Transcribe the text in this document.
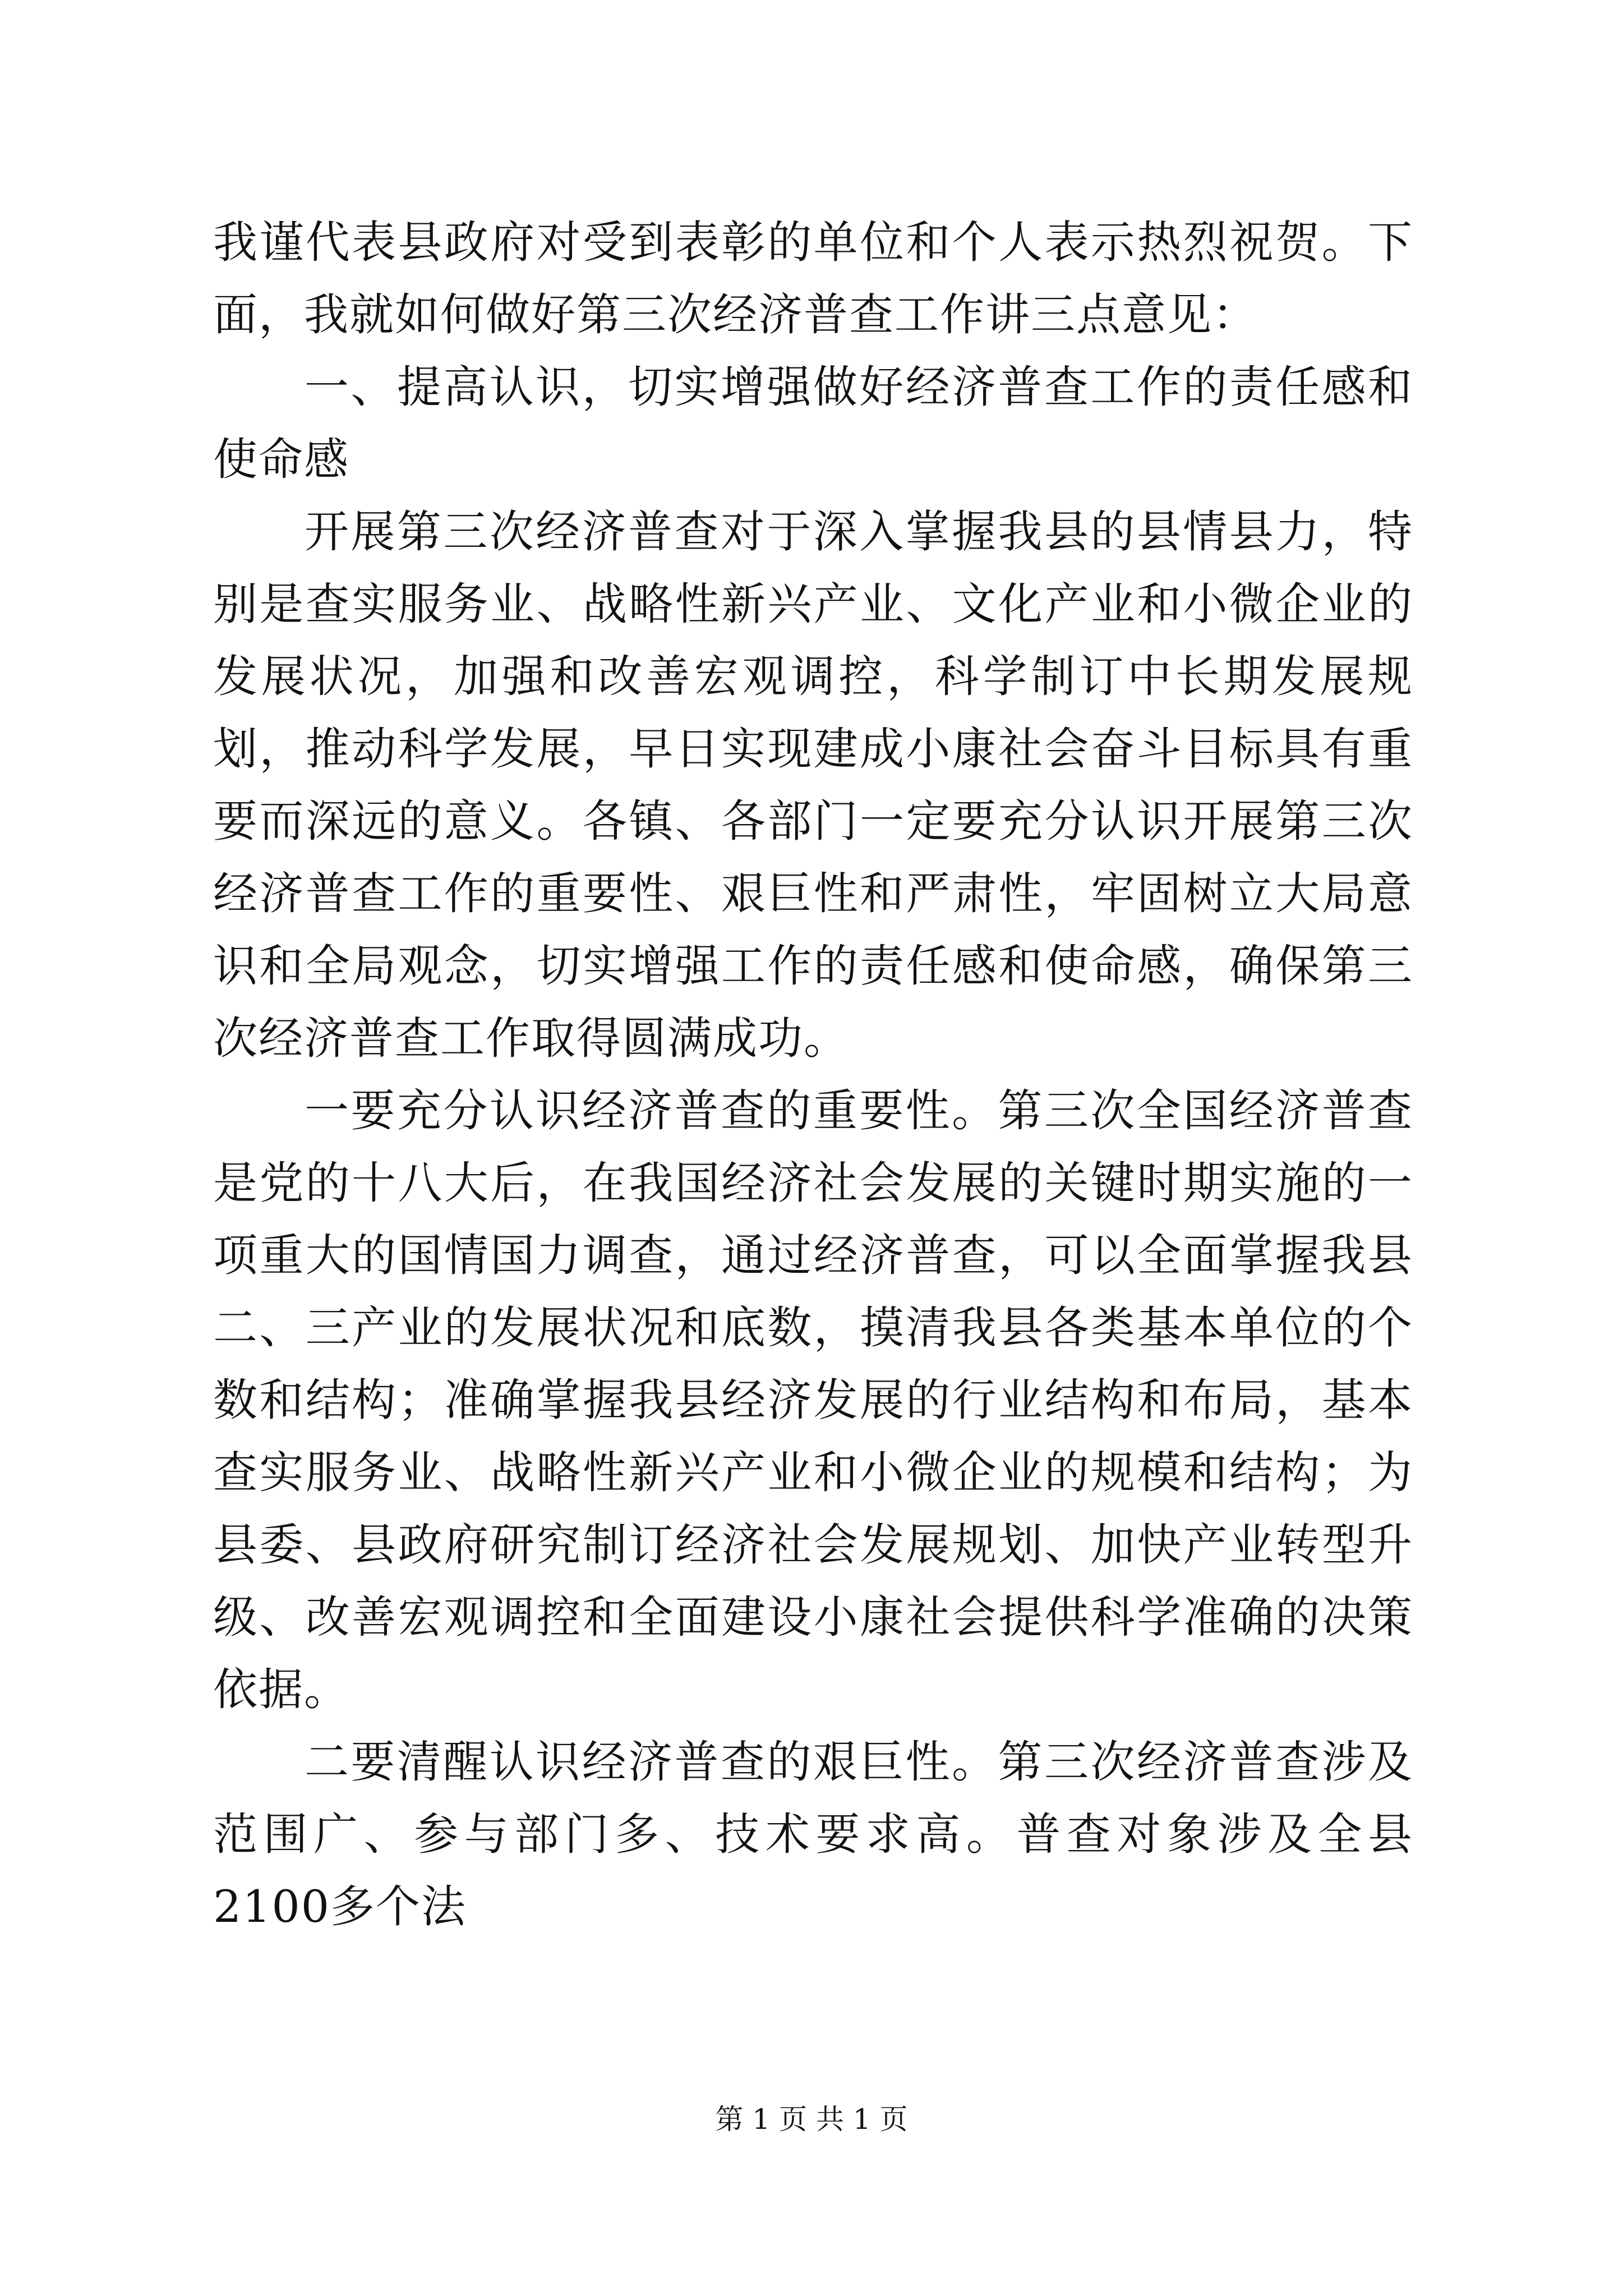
我谨代表县政府对受到表彰的单位和个人表示热烈祝贺。下面，我就如何做好第三次经济普查工作讲三点意见：

一、提高认识，切实增强做好经济普查工作的责任感和使命感

开展第三次经济普查对于深入掌握我县的县情县力，特别是查实服务业、战略性新兴产业、文化产业和小微企业的发展状况，加强和改善宏观调控，科学制订中长期发展规划，推动科学发展，早日实现建成小康社会奋斗目标具有重要而深远的意义。各镇、各部门一定要充分认识开展第三次经济普查工作的重要性、艰巨性和严肃性，牢固树立大局意识和全局观念，切实增强工作的责任感和使命感，确保第三次经济普查工作取得圆满成功。

一要充分认识经济普查的重要性。第三次全国经济普查是党的十八大后，在我国经济社会发展的关键时期实施的一项重大的国情国力调查，通过经济普查，可以全面掌握我县二、三产业的发展状况和底数，摸清我县各类基本单位的个数和结构；准确掌握我县经济发展的行业结构和布局，基本查实服务业、战略性新兴产业和小微企业的规模和结构；为县委、县政府研究制订经济社会发展规划、加快产业转型升级、改善宏观调控和全面建设小康社会提供科学准确的决策依据。

二要清醒认识经济普查的艰巨性。第三次经济普查涉及范围广、参与部门多、技术要求高。普查对象涉及全县2100多个法

第 1 页 共 1 页
